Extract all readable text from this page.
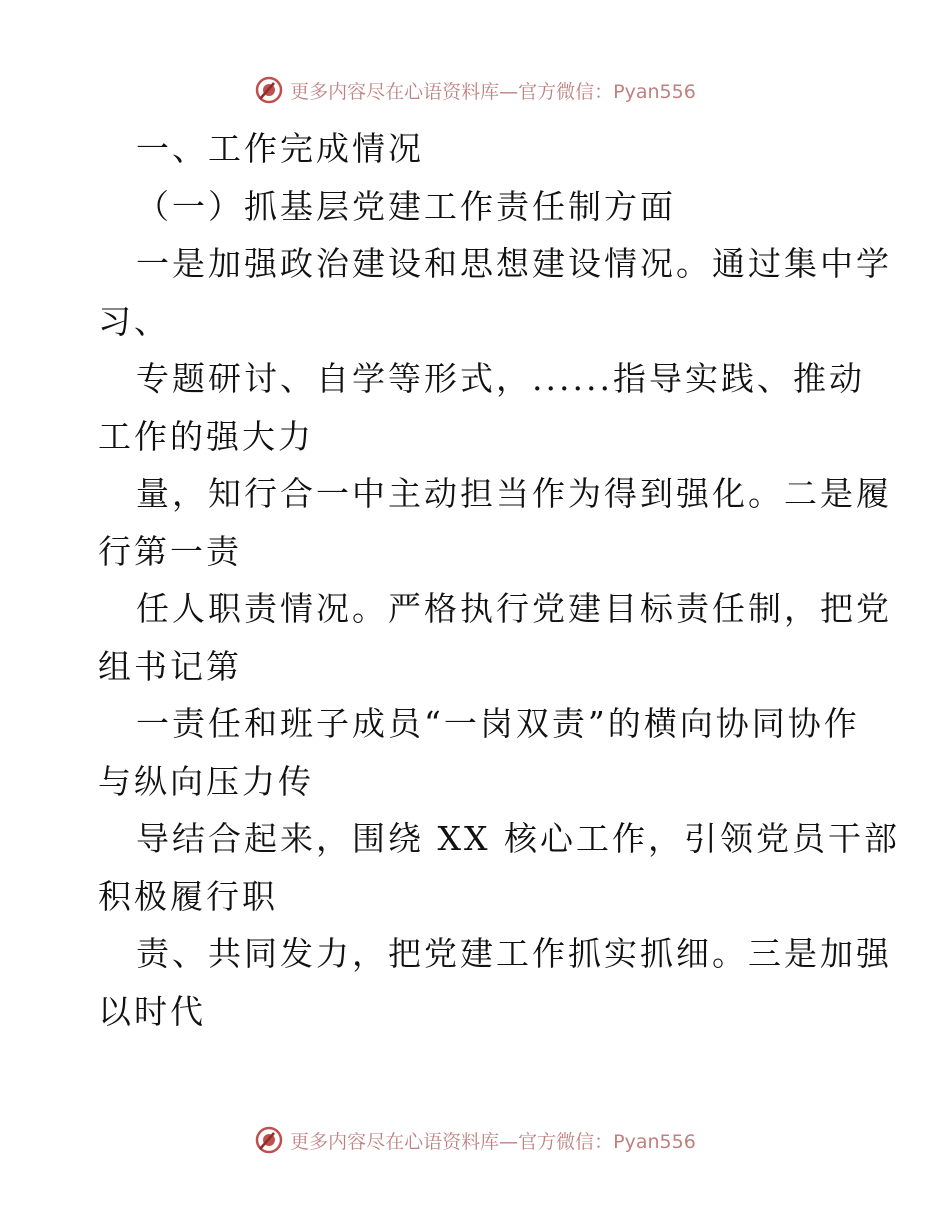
更多内容尽在心语资料库—官方微信：Pyan556
一、工作完成情况
（一）抓基层党建工作责任制方面
一是加强政治建设和思想建设情况。通过集中学
习、
专题研讨、自学等形式，......指导实践、推动
工作的强大力
量，知行合一中主动担当作为得到强化。二是履
行第一责
任人职责情况。严格执行党建目标责任制，把党
组书记第
一责任和班子成员“一岗双责”的横向协同协作
与纵向压力传
导结合起来，围绕 XX 核心工作，引领党员干部
积极履行职
责、共同发力，把党建工作抓实抓细。三是加强
以时代
更多内容尽在心语资料库—官方微信：Pyan556
